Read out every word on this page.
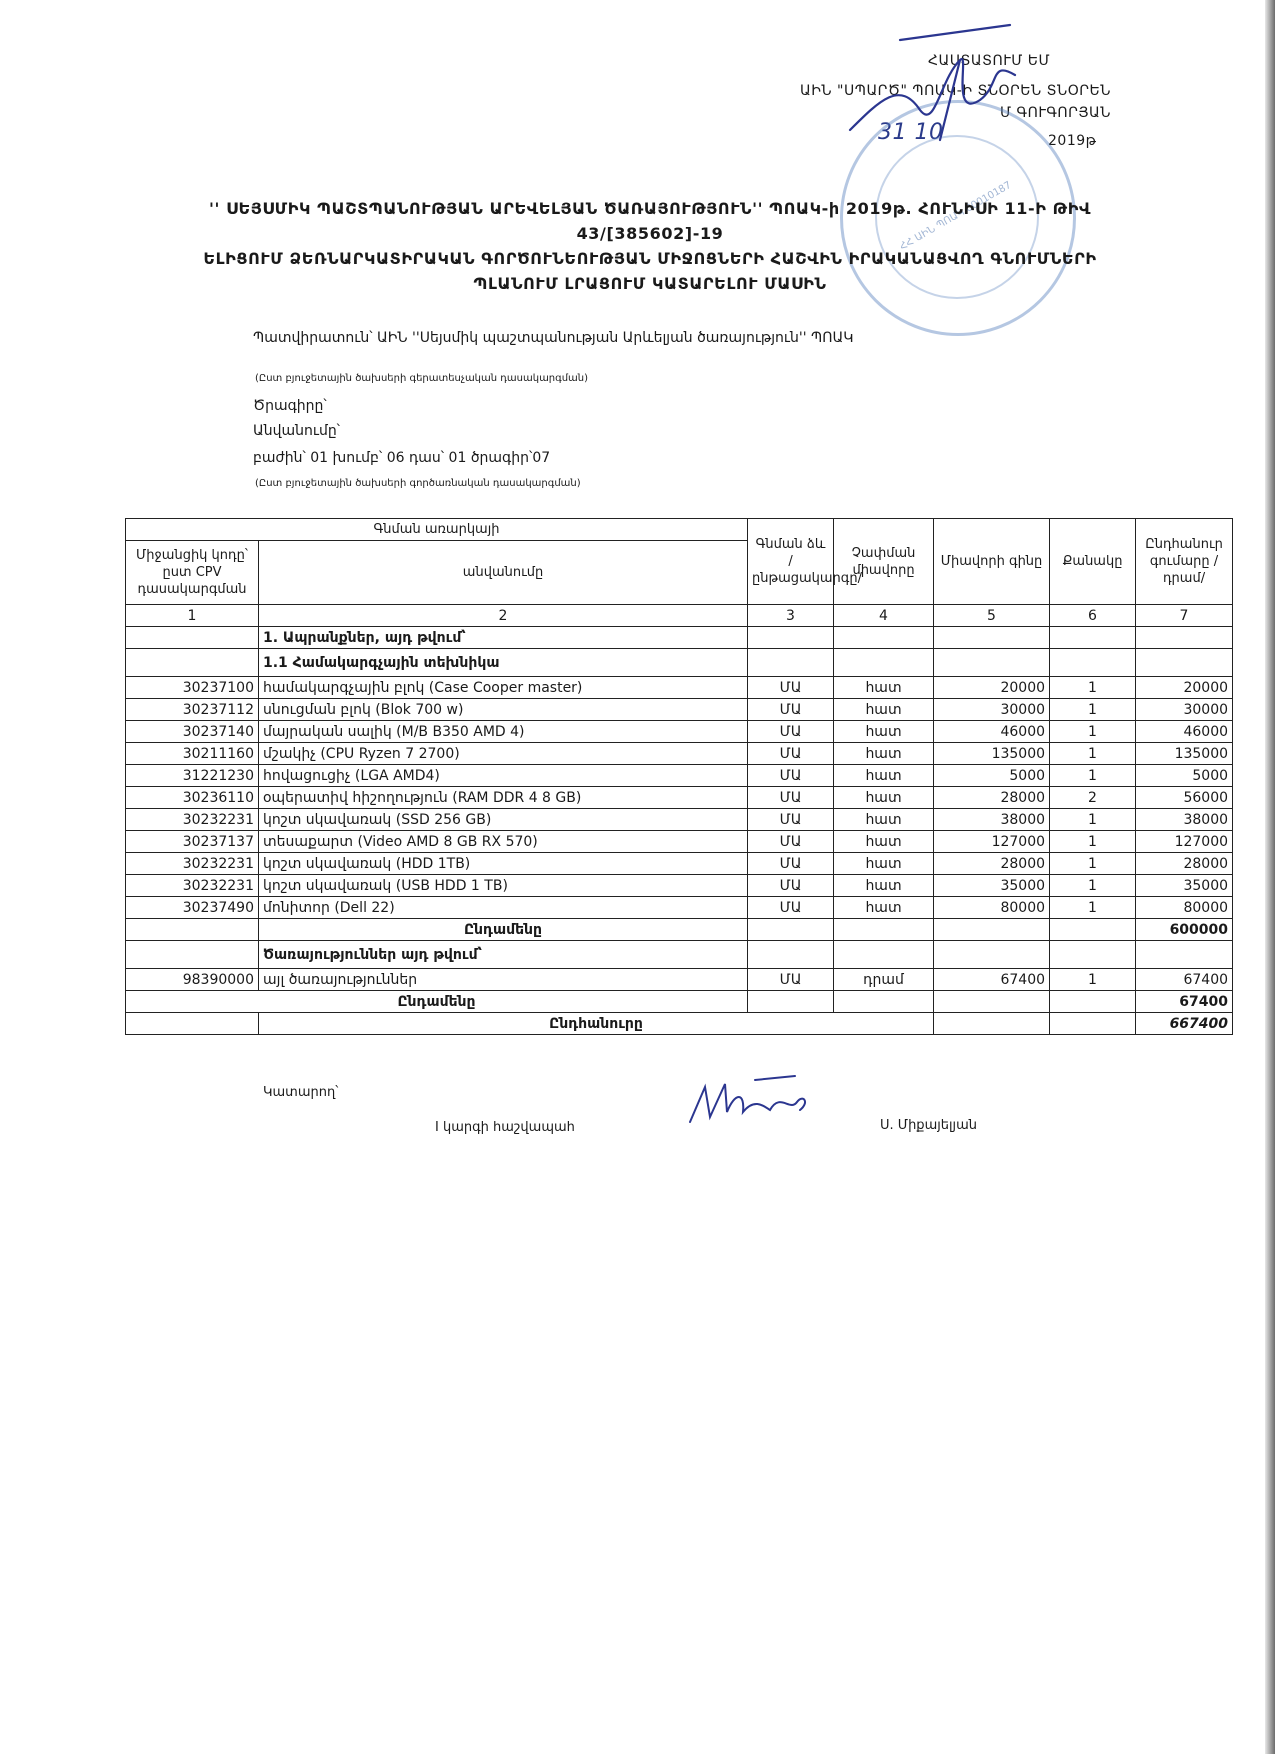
ՀԱՍՏԱՏՈՒՄ ԵՄ
ԱԻՆ "ՍՊԱՐԾ" ՊՈԱԿ-Ի ՏՆՕՐԵՆ ՏՆՕՐԵՆ
Մ ԳՈՒԳՈՐՅԱՆ
31 10	2019թ
ՀՀ ԱԻՆ ՊՈԱԿ 00010187
'' ՍԵՅՍՄԻԿ ՊԱՇՏՊԱՆՈՒԹՅԱՆ ԱՐԵՎԵԼՅԱՆ ԾԱՌԱՅՈՒԹՅՈՒՆ'' ՊՈԱԿ-ի 2019թ. ՀՈՒՆԻՍԻ 11-Ի ԹԻՎ 43/[385602]-19
ԵԼԻՑՈՒՄ ՁԵՌՆԱՐԿԱՏԻՐԱԿԱՆ ԳՈՐԾՈՒՆԵՈՒԹՅԱՆ ՄԻՋՈՑՆԵՐԻ ՀԱՇՎԻՆ ԻՐԱԿԱՆԱՑՎՈՂ ԳՆՈՒՄՆԵՐԻ
ՊԼԱՆՈՒՄ ԼՐԱՑՈՒՄ ԿԱՏԱՐԵԼՈՒ ՄԱՍԻՆ
Պատվիրատուն՝ ԱԻՆ ''Սեյսմիկ պաշտպանության Արևելյան ծառայություն'' ՊՈԱԿ
(Ըստ բյուջետային ծախսերի գերատեսչական դասակարգման)
Ծրագիրը՝
Անվանումը՝
բաժին՝ 01 խումբ՝ 06 դաս՝ 01 ծրագիր՝07
(Ըստ բյուջետային ծախսերի գործառնական դասակարգման)
Գնման առարկայի		Գնման ձև /ընթացակարգը/	Չափման միավորը	Միավորի գինը	Քանակը	Ընդհանուր գումարը /դրամ/
Միջանցիկ կոդը՝ ըստ CPV դասակարգման	անվանումը					
1	2	3	4	5	6	7
	1. Ապրանքներ, այդ թվում՝					
	1.1 Համակարգչային տեխնիկա					
30237100	համակարգչային բլոկ (Case Cooper master)	ՄԱ	հատ	20000	1	20000
30237112	սնուցման բլոկ (Blok 700 w)	ՄԱ	հատ	30000	1	30000
30237140	մայրական սալիկ (M/B B350 AMD 4)	ՄԱ	հատ	46000	1	46000
30211160	մշակիչ (CPU Ryzen 7 2700)	ՄԱ	հատ	135000	1	135000
31221230	հովացուցիչ (LGA AMD4)	ՄԱ	հատ	5000	1	5000
30236110	օպերատիվ հիշողություն (RAM DDR 4 8 GB)	ՄԱ	հատ	28000	2	56000
30232231	կոշտ սկավառակ (SSD 256 GB)	ՄԱ	հատ	38000	1	38000
30237137	տեսաքարտ (Video AMD 8 GB RX 570)	ՄԱ	հատ	127000	1	127000
30232231	կոշտ սկավառակ (HDD 1TB)	ՄԱ	հատ	28000	1	28000
30232231	կոշտ սկավառակ (USB HDD 1 TB)	ՄԱ	հատ	35000	1	35000
30237490	մոնիտոր (Dell 22)	ՄԱ	հատ	80000	1	80000
	Ընդամենը					600000
	Ծառայություններ այդ թվում՝					
98390000	այլ ծառայություններ	ՄԱ	դրամ	67400	1	67400
Ընդամենը						67400
	Ընդհանուրը					667400
Կատարող՝
I կարգի հաշվապահ	Ս. Միքայելյան
